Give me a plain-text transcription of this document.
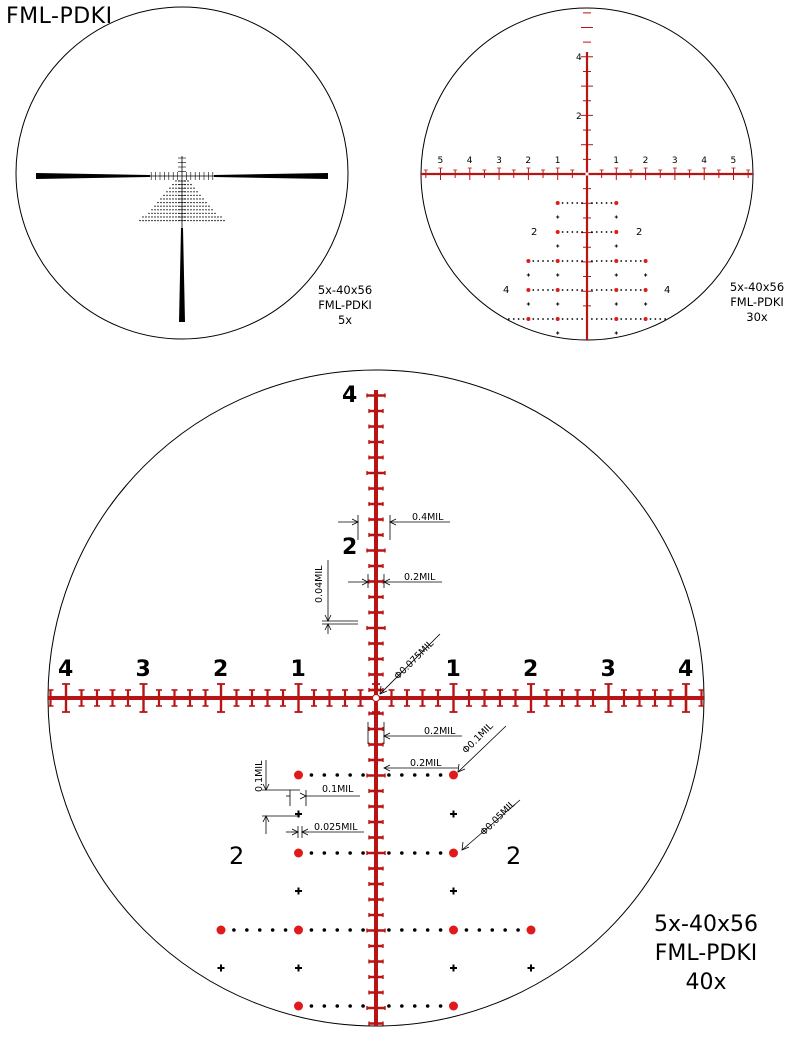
FML-PDKI
5	4	3	2	1	1	2	3	4	5
4
2
2	2
4	4
4	3	2	1	1	2	3	4
4
2
2	2
0.4MIL
0.2MIL
0.04MIL
Φ0.075MIL
0.2MIL Φ0.1MIL
0.2MIL
0.1MIL	0.1MIL
0.025MIL	Φ0.05MIL
5x-40x56
FML-PDKI
5x
5x-40x56
FML-PDKI
30x
5x-40x56
FML-PDKI
40x
